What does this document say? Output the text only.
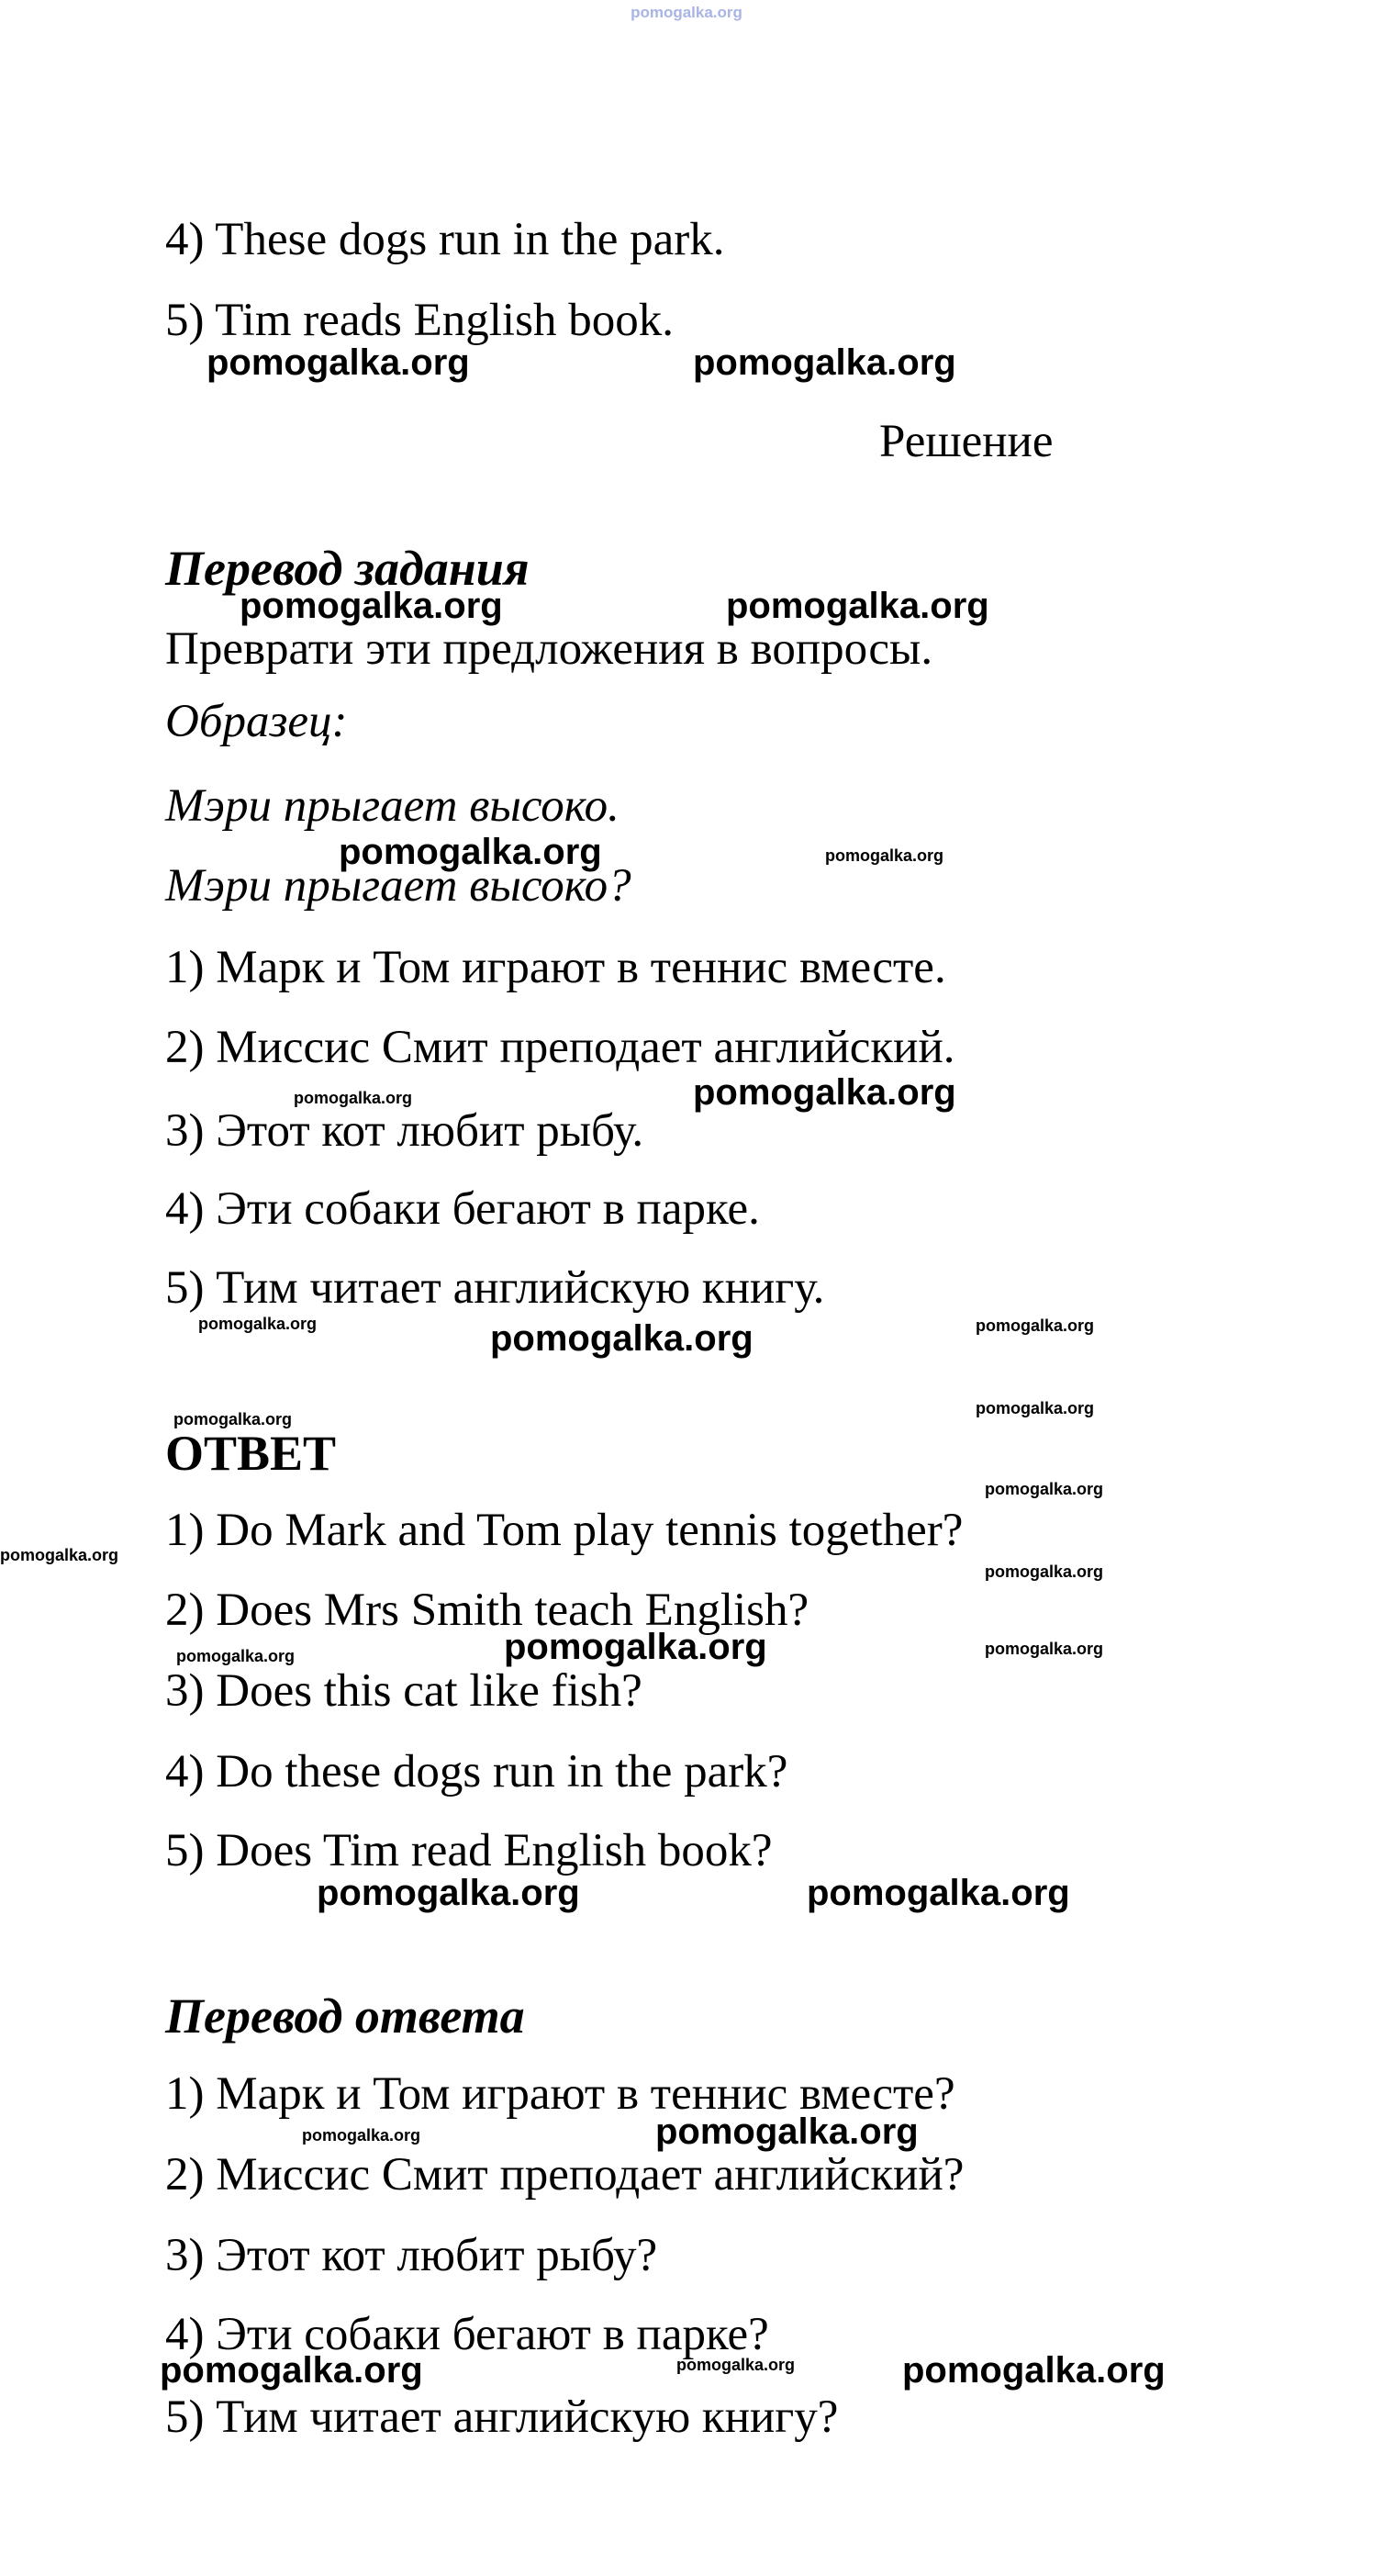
pomogalka.org
pomogalka.org	pomogalka.org
pomogalka.org	pomogalka.org
pomogalka.org	pomogalka.org
pomogalka.org	pomogalka.org
pomogalka.org	pomogalka.org	pomogalka.org
pomogalka.org
pomogalka.org
pomogalka.org
pomogalka.org
pomogalka.org
pomogalka.org	pomogalka.org	pomogalka.org
pomogalka.org	pomogalka.org
pomogalka.org	pomogalka.org
pomogalka.org	pomogalka.org	pomogalka.org
4) These dogs run in the park.
5) Tim reads English book.
Решение
Перевод задания
Преврати эти предложения в вопросы.
Образец:
Мэри прыгает высоко.
Мэри прыгает высоко?
1) Марк и Том играют в теннис вместе.
2) Миссис Смит преподает английский.
3) Этот кот любит рыбу.
4) Эти собаки бегают в парке.
5) Тим читает английскую книгу.
ОТВЕТ
1) Do Mark and Tom play tennis together?
2) Does Mrs Smith teach English?
3) Does this cat like fish?
4) Do these dogs run in the park?
5) Does Tim read English book?
Перевод ответа
1) Марк и Том играют в теннис вместе?
2) Миссис Смит преподает английский?
3) Этот кот любит рыбу?
4) Эти собаки бегают в парке?
5) Тим читает английскую книгу?
